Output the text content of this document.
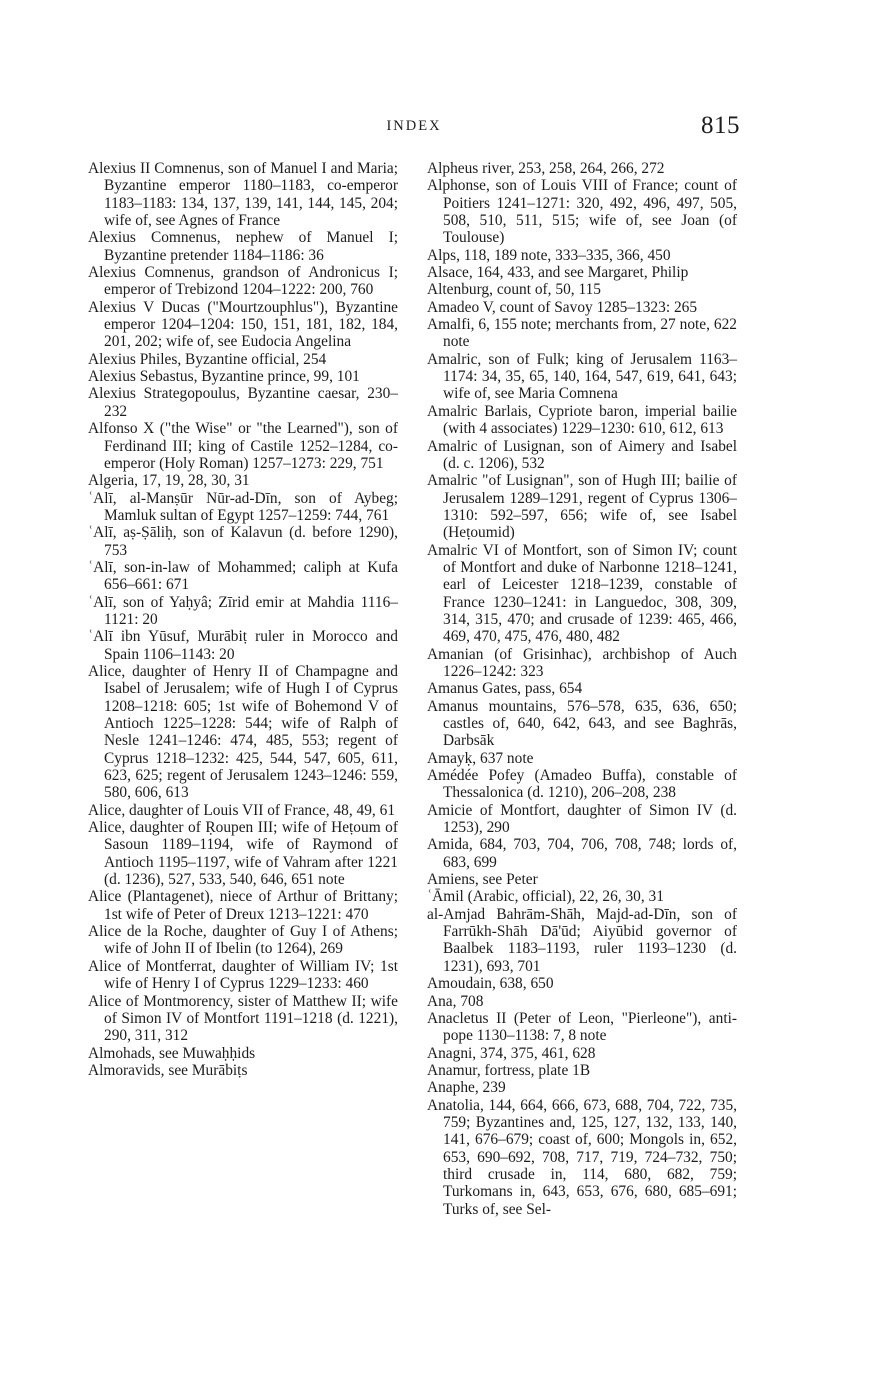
INDEX	815
Alexius II Comnenus, son of Manuel I and Maria; Byzantine emperor 1180–1183, co-emperor 1183–1183: 134, 137, 139, 141, 144, 145, 204; wife of, see Agnes of France
Alexius Comnenus, nephew of Manuel I; Byzantine pretender 1184–1186: 36
Alexius Comnenus, grandson of Andronicus I; emperor of Trebizond 1204–1222: 200, 760
Alexius V Ducas ("Mourtzouphlus"), Byzantine emperor 1204–1204: 150, 151, 181, 182, 184, 201, 202; wife of, see Eudocia Angelina
Alexius Philes, Byzantine official, 254
Alexius Sebastus, Byzantine prince, 99, 101
Alexius Strategopoulus, Byzantine caesar, 230–232
Alfonso X ("the Wise" or "the Learned"), son of Ferdinand III; king of Castile 1252–1284, co-emperor (Holy Roman) 1257–1273: 229, 751
Algeria, 17, 19, 28, 30, 31
ʿAlī, al-Manṣūr Nūr-ad-Dīn, son of Aybeg; Mamluk sultan of Egypt 1257–1259: 744, 761
ʿAlī, aṣ-Ṣāliḥ, son of Kalavun (d. before 1290), 753
ʿAlī, son-in-law of Mohammed; caliph at Kufa 656–661: 671
ʿAlī, son of Yaḥyâ; Zīrid emir at Mahdia 1116–1121: 20
ʿAlī ibn Yūsuf, Murābiṭ ruler in Morocco and Spain 1106–1143: 20
Alice, daughter of Henry II of Champagne and Isabel of Jerusalem; wife of Hugh I of Cyprus 1208–1218: 605; 1st wife of Bohemond V of Antioch 1225–1228: 544; wife of Ralph of Nesle 1241–1246: 474, 485, 553; regent of Cyprus 1218–1232: 425, 544, 547, 605, 611, 623, 625; regent of Jerusalem 1243–1246: 559, 580, 606, 613
Alice, daughter of Louis VII of France, 48, 49, 61
Alice, daughter of Ṛoupen III; wife of Heṭoum of Sasoun 1189–1194, wife of Raymond of Antioch 1195–1197, wife of Vahram after 1221 (d. 1236), 527, 533, 540, 646, 651 note
Alice (Plantagenet), niece of Arthur of Brittany; 1st wife of Peter of Dreux 1213–1221: 470
Alice de la Roche, daughter of Guy I of Athens; wife of John II of Ibelin (to 1264), 269
Alice of Montferrat, daughter of William IV; 1st wife of Henry I of Cyprus 1229–1233: 460
Alice of Montmorency, sister of Matthew II; wife of Simon IV of Montfort 1191–1218 (d. 1221), 290, 311, 312
Almohads, see Muwaḥḥids
Almoravids, see Murābiṭs
Alpheus river, 253, 258, 264, 266, 272
Alphonse, son of Louis VIII of France; count of Poitiers 1241–1271: 320, 492, 496, 497, 505, 508, 510, 511, 515; wife of, see Joan (of Toulouse)
Alps, 118, 189 note, 333–335, 366, 450
Alsace, 164, 433, and see Margaret, Philip
Altenburg, count of, 50, 115
Amadeo V, count of Savoy 1285–1323: 265
Amalfi, 6, 155 note; merchants from, 27 note, 622 note
Amalric, son of Fulk; king of Jerusalem 1163–1174: 34, 35, 65, 140, 164, 547, 619, 641, 643; wife of, see Maria Comnena
Amalric Barlais, Cypriote baron, imperial bailie (with 4 associates) 1229–1230: 610, 612, 613
Amalric of Lusignan, son of Aimery and Isabel (d. c. 1206), 532
Amalric "of Lusignan", son of Hugh III; bailie of Jerusalem 1289–1291, regent of Cyprus 1306–1310: 592–597, 656; wife of, see Isabel (Heṭoumid)
Amalric VI of Montfort, son of Simon IV; count of Montfort and duke of Narbonne 1218–1241, earl of Leicester 1218–1239, constable of France 1230–1241: in Languedoc, 308, 309, 314, 315, 470; and crusade of 1239: 465, 466, 469, 470, 475, 476, 480, 482
Amanian (of Grisinhac), archbishop of Auch 1226–1242: 323
Amanus Gates, pass, 654
Amanus mountains, 576–578, 635, 636, 650; castles of, 640, 642, 643, and see Baghrās, Darbsāk
Amayḳ, 637 note
Amédée Pofey (Amadeo Buffa), constable of Thessalonica (d. 1210), 206–208, 238
Amicie of Montfort, daughter of Simon IV (d. 1253), 290
Amida, 684, 703, 704, 706, 708, 748; lords of, 683, 699
Amiens, see Peter
ʿĀmil (Arabic, official), 22, 26, 30, 31
al-Amjad Bahrām-Shāh, Majd-ad-Dīn, son of Farrūkh-Shāh Dā'ūd; Aiyūbid governor of Baalbek 1183–1193, ruler 1193–1230 (d. 1231), 693, 701
Amoudain, 638, 650
Ana, 708
Anacletus II (Peter of Leon, "Pierleone"), anti-pope 1130–1138: 7, 8 note
Anagni, 374, 375, 461, 628
Anamur, fortress, plate 1B
Anaphe, 239
Anatolia, 144, 664, 666, 673, 688, 704, 722, 735, 759; Byzantines and, 125, 127, 132, 133, 140, 141, 676–679; coast of, 600; Mongols in, 652, 653, 690–692, 708, 717, 719, 724–732, 750; third crusade in, 114, 680, 682, 759; Turkomans in, 643, 653, 676, 680, 685–691; Turks of, see Sel-
